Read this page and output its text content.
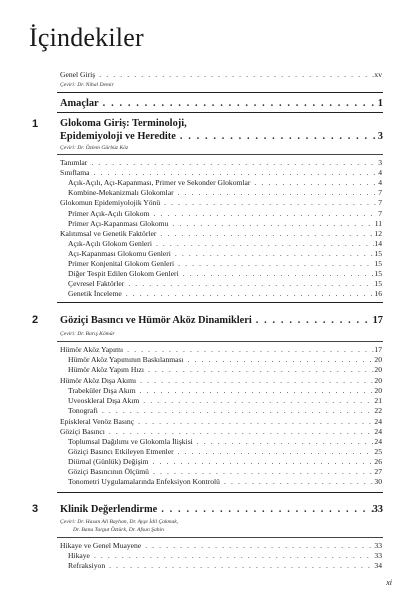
İçindekiler
Genel Giriş . . .	xv
Çeviri: Dr. Nihal Demir
Amaçlar . . .	1
1 Glokoma Giriş: Terminoloji,
Epidemiyoloji ve Heredite . . .	3
Çeviri: Dr. Özlem Gürbüz Köz
Tanımlar . . .	3
Sınıflama . . .	4
Açık-Açılı, Açı-Kapanması, Primer ve Sekonder Glokomlar . . .	4
Kombine-Mekanizmalı Glokomlar . . .	7
Glokomun Epidemiyolojik Yönü . . .	7
Primer Açık-Açılı Glokom . . .	7
Primer Açı-Kapanması Glokomu . . .	11
Kalıtımsal ve Genetik Faktörler . . .	12
Açık-Açılı Glokom Genleri . . .	14
Açı-Kapanması Glokomu Genleri . . .	15
Primer Konjenital Glokom Genleri . . .	15
Diğer Tespit Edilen Glokom Genleri . . .	15
Çevresel Faktörler . . .	15
Genetik İnceleme . . .	16
2 Göziçi Basıncı ve Hümör Aköz Dinamikleri . . .	17
Çeviri: Dr. Barış Kömür
Hümör Aköz Yapımı . . .	17
Hümör Aköz Yapımının Baskılanması . . .	20
Hümör Aköz Yapım Hızı . . .	20
Hümör Aköz Dışa Akımı . . .	20
Trabeküler Dışa Akım . . .	20
Uveoskleral Dışa Akım . . .	21
Tonografi . . .	22
Episkleral Venöz Basınç . . .	24
Göziçi Basıncı . . .	24
Toplumsal Dağılımı ve Glokomla İlişkisi . . .	24
Göziçi Basıncı Etkileyen Etmenler . . .	25
Diürnal (Günlük) Değişim . . .	26
Göziçi Basıncının Ölçümü . . .	27
Tonometri Uygulamalarında Enfeksiyon Kontrolü . . .	30
3 Klinik Değerlendirme . . .	33
Çeviri: Dr. Hasan Ali Bayhan, Dr. Ayşe İdil Çakmak,
Dr. Banu Turgut Öztürk, Dr. Afsun Şahin
Hikaye ve Genel Muayene . . .	33
Hikaye . . .	33
Refraksiyon . . .	34
xi
